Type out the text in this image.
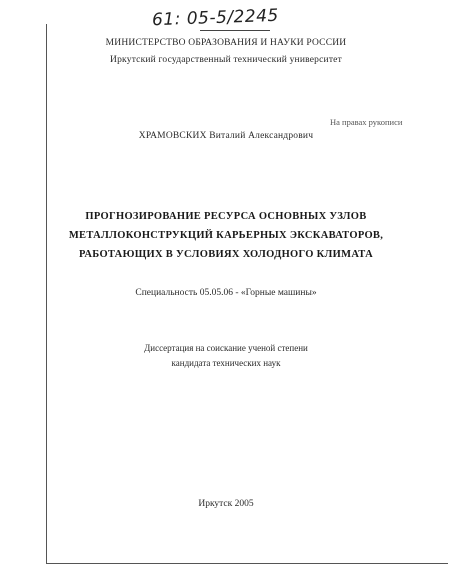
61: 05-5/2245
МИНИСТЕРСТВО ОБРАЗОВАНИЯ И НАУКИ РОССИИ
Иркутский государственный технический университет
На правах рукописи
ХРАМОВСКИХ Виталий Александрович
ПРОГНОЗИРОВАНИЕ РЕСУРСА ОСНОВНЫХ УЗЛОВ
МЕТАЛЛОКОНСТРУКЦИЙ КАРЬЕРНЫХ ЭКСКАВАТОРОВ,
РАБОТАЮЩИХ В УСЛОВИЯХ ХОЛОДНОГО КЛИМАТА
Специальность 05.05.06 - «Горные машины»
Диссертация на соискание ученой степени
кандидата технических наук
Иркутск 2005
